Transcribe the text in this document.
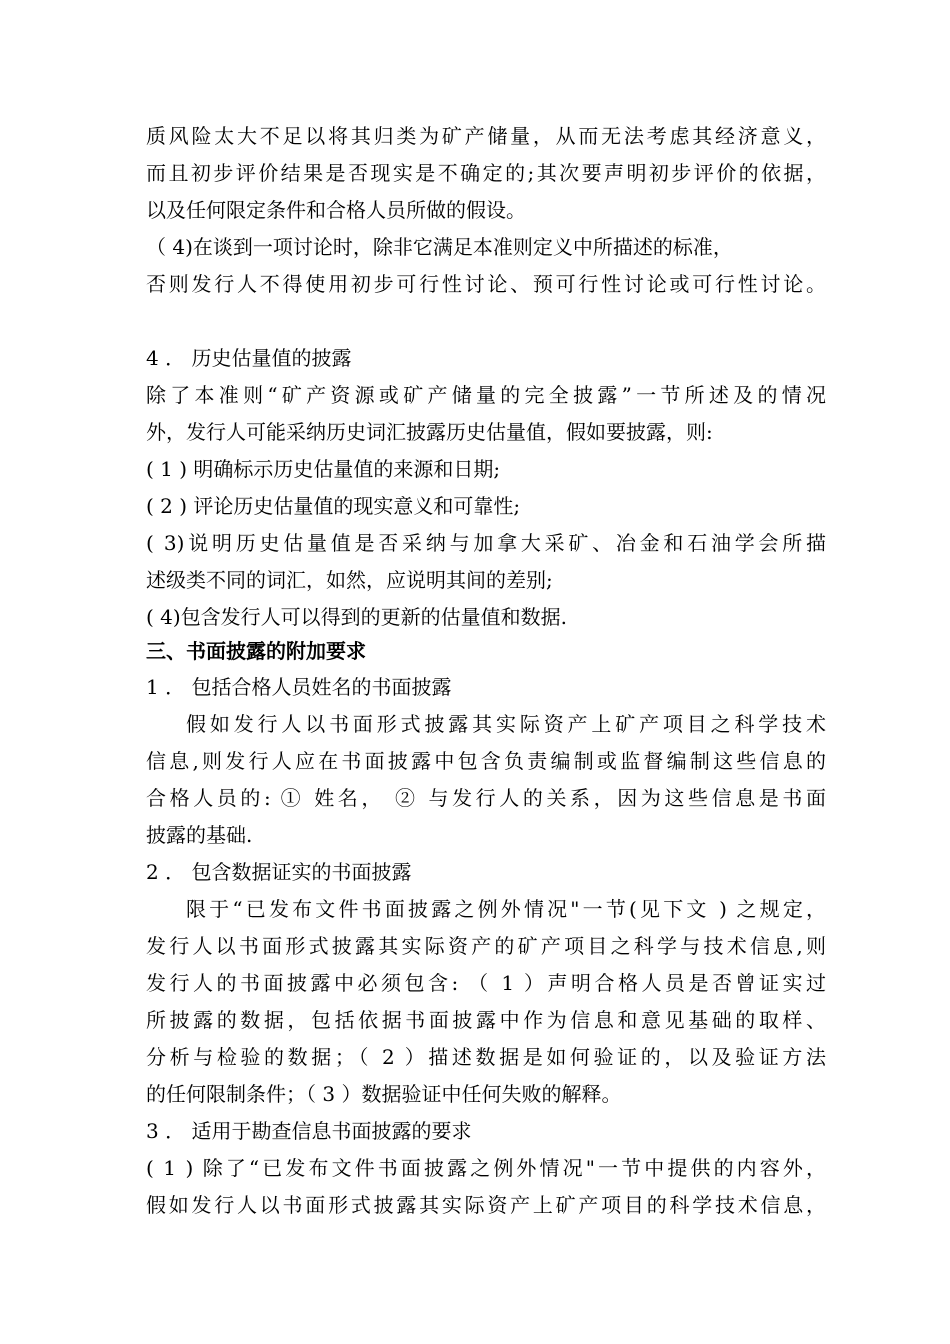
质风险太大不足以将其归类为矿产储量，从而无法考虑其经济意义，
而且初步评价结果是否现实是不确定的;其次要声明初步评价的依据，
以及任何限定条件和合格人员所做的假设。
（ 4)在谈到一项讨论时，除非它满足本准则定义中所描述的标准，
否则发行人不得使用初步可行性讨论、预可行性讨论或可行性讨论。
4 ． 历史估量值的披露
除了本准则“矿产资源或矿产储量的完全披露”一节所述及的情况
外，发行人可能采纳历史词汇披露历史估量值，假如要披露，则:
( 1 ) 明确标示历史估量值的来源和日期;
( 2 ) 评论历史估量值的现实意义和可靠性;
( 3)说明历史估量值是否采纳与加拿大采矿、冶金和石油学会所描
述级类不同的词汇，如然，应说明其间的差别;
( 4)包含发行人可以得到的更新的估量值和数据.
三、书面披露的附加要求
1 ． 包括合格人员姓名的书面披露
假如发行人以书面形式披露其实际资产上矿产项目之科学技术
信息,则发行人应在书面披露中包含负责编制或监督编制这些信息的
合格人员的: ① 姓名， ② 与发行人的关系，因为这些信息是书面
披露的基础.
2 ． 包含数据证实的书面披露
限于“已发布文件书面披露之例外情况"一节(见下文 ) 之规定，
发行人以书面形式披露其实际资产的矿产项目之科学与技术信息,则
发行人的书面披露中必须包含: （ 1 ）声明合格人员是否曾证实过
所披露的数据，包括依据书面披露中作为信息和意见基础的取样、
分析与检验的数据；（ 2 ）描述数据是如何验证的，以及验证方法
的任何限制条件；（ 3 ）数据验证中任何失败的解释。
3 ． 适用于勘查信息书面披露的要求
( 1 ) 除了“已发布文件书面披露之例外情况"一节中提供的内容外，
假如发行人以书面形式披露其实际资产上矿产项目的科学技术信息，
